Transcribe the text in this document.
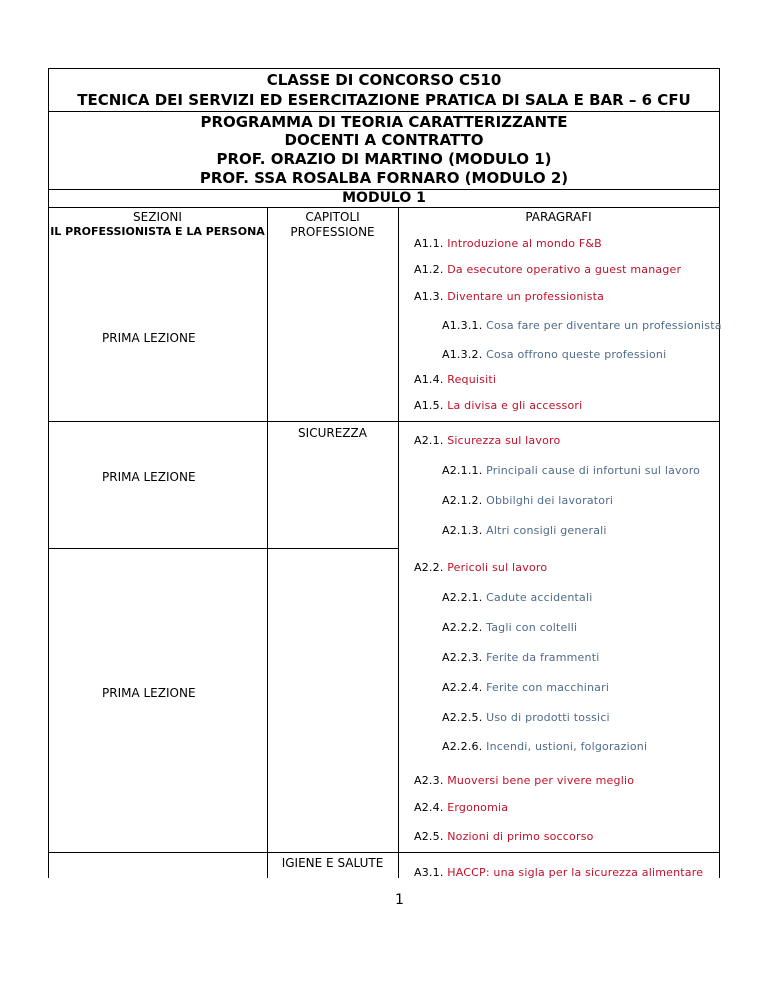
CLASSE DI CONCORSO C510
TECNICA DEI SERVIZI ED ESERCITAZIONE PRATICA DI SALA E BAR – 6 CFU
PROGRAMMA DI TEORIA CARATTERIZZANTE
DOCENTI A CONTRATTO
PROF. ORAZIO DI MARTINO (MODULO 1)
PROF. SSA ROSALBA FORNARO (MODULO 2)
MODULO 1
SEZIONI
IL PROFESSIONISTA E LA PERSONA
CAPITOLI
PROFESSIONE
PARAGRAFI
PRIMA LEZIONE
PRIMA LEZIONE
PRIMA LEZIONE
SICUREZZA
IGIENE E SALUTE
A1.1. Introduzione al mondo F&B
A1.2. Da esecutore operativo a guest manager
A1.3. Diventare un professionista
A1.3.1. Cosa fare per diventare un professionista
A1.3.2. Cosa offrono queste professioni
A1.4. Requisiti
A1.5. La divisa e gli accessori
A2.1. Sicurezza sul lavoro
A2.1.1. Principali cause di infortuni sul lavoro
A2.1.2. Obbilghi dei lavoratori
A2.1.3. Altri consigli generali
A2.2. Pericoli sul lavoro
A2.2.1. Cadute accidentali
A2.2.2. Tagli con coltelli
A2.2.3. Ferite da frammenti
A2.2.4. Ferite con macchinari
A2.2.5. Uso di prodotti tossici
A2.2.6. Incendi, ustioni, folgorazioni
A2.3. Muoversi bene per vivere meglio
A2.4. Ergonomia
A2.5. Nozioni di primo soccorso
A3.1. HACCP: una sigla per la sicurezza alimentare
1
